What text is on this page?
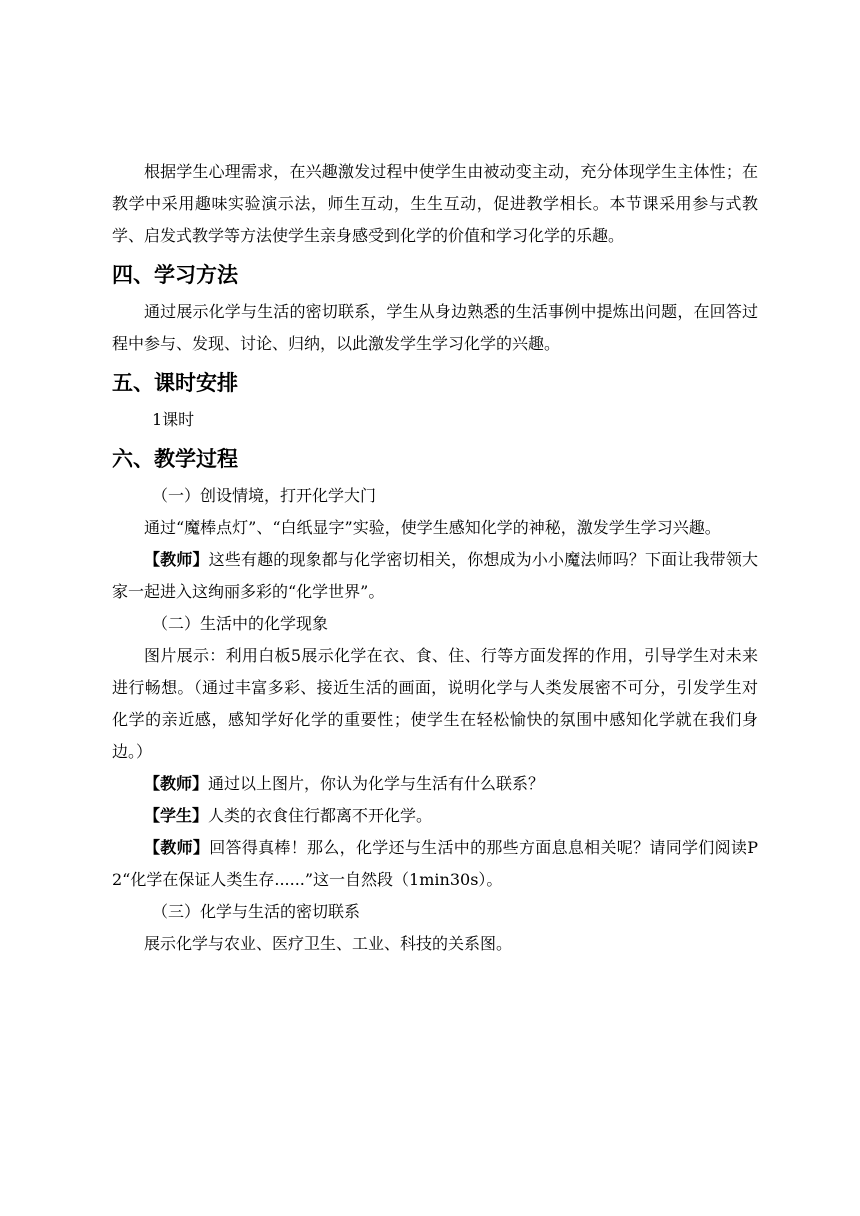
根据学生心理需求，在兴趣激发过程中使学生由被动变主动，充分体现学生主体性；在教学中采用趣味实验演示法，师生互动，生生互动，促进教学相长。本节课采用参与式教学、启发式教学等方法使学生亲身感受到化学的价值和学习化学的乐趣。

四、学习方法

通过展示化学与生活的密切联系，学生从身边熟悉的生活事例中提炼出问题，在回答过程中参与、发现、讨论、归纳，以此激发学生学习化学的兴趣。

五、课时安排

1课时

六、教学过程

（一）创设情境，打开化学大门

通过“魔棒点灯”、“白纸显字”实验，使学生感知化学的神秘，激发学生学习兴趣。

【教师】这些有趣的现象都与化学密切相关，你想成为小小魔法师吗？下面让我带领大家一起进入这绚丽多彩的“化学世界”。

（二）生活中的化学现象

图片展示：利用白板5展示化学在衣、食、住、行等方面发挥的作用，引导学生对未来进行畅想。（通过丰富多彩、接近生活的画面，说明化学与人类发展密不可分，引发学生对化学的亲近感，感知学好化学的重要性；使学生在轻松愉快的氛围中感知化学就在我们身边。）

【教师】通过以上图片，你认为化学与生活有什么联系？

【学生】人类的衣食住行都离不开化学。

【教师】回答得真棒！那么，化学还与生活中的那些方面息息相关呢？请同学们阅读P2“化学在保证人类生存......”这一自然段（1min30s）。

（三）化学与生活的密切联系

展示化学与农业、医疗卫生、工业、科技的关系图。
